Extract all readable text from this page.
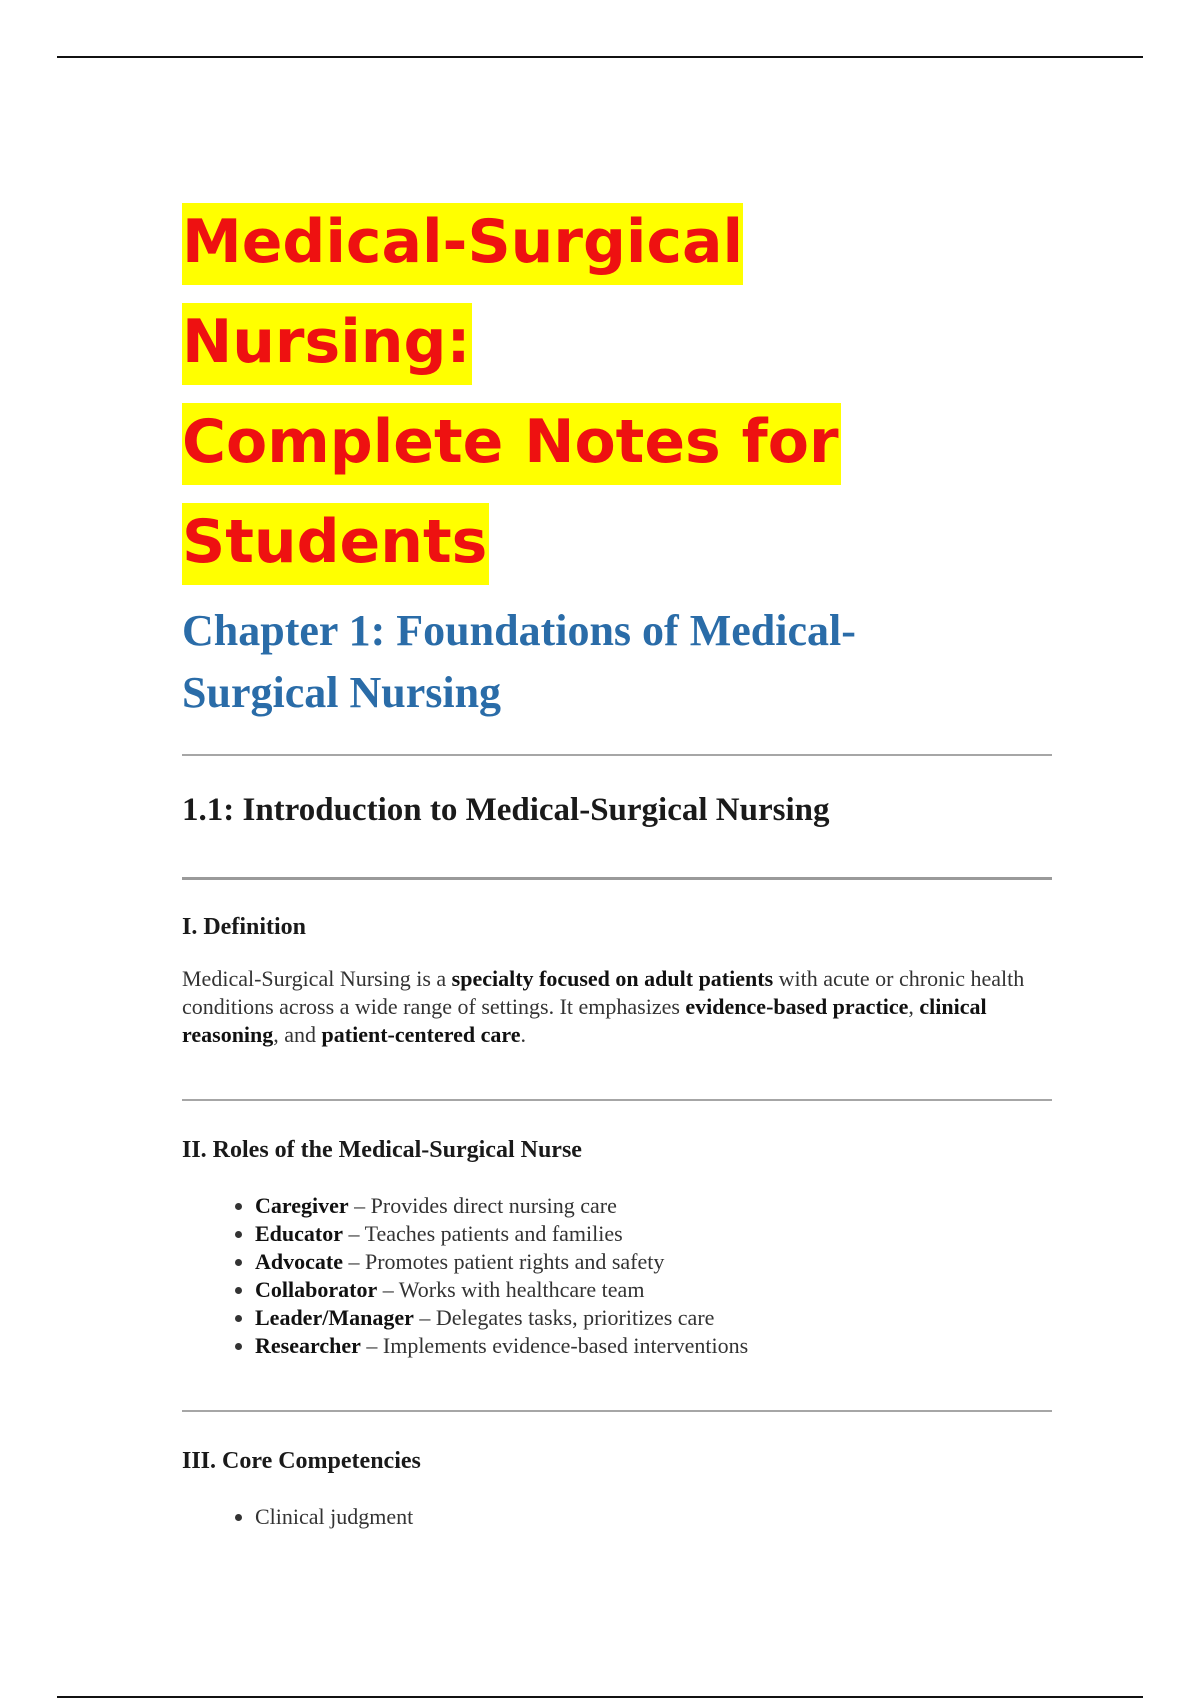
Medical-Surgical Nursing:
Complete Notes for
Students
Chapter 1: Foundations of Medical-
Surgical Nursing
1.1: Introduction to Medical-Surgical Nursing
I. Definition

Medical-Surgical Nursing is a specialty focused on adult patients with acute or chronic health conditions across a wide range of settings. It emphasizes evidence-based practice, clinical reasoning, and patient-centered care.

II. Roles of the Medical-Surgical Nurse
• Caregiver – Provides direct nursing care
• Educator – Teaches patients and families
• Advocate – Promotes patient rights and safety
• Collaborator – Works with healthcare team
• Leader/Manager – Delegates tasks, prioritizes care
• Researcher – Implements evidence-based interventions
III. Core Competencies
• Clinical judgment
